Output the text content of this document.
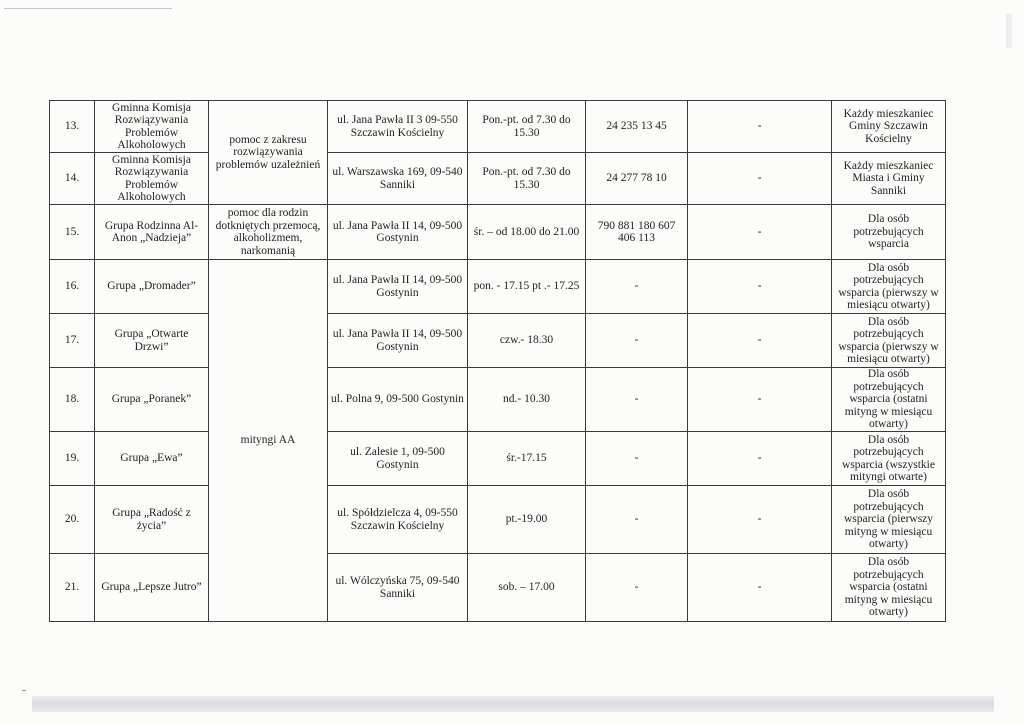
13.	Gminna Komisja Rozwiązywania Problemów Alkoholowych	pomoc z zakresu rozwiązywania problemów uzależnień	ul. Jana Pawła II 3 09-550 Szczawin Kościelny	Pon.-pt. od 7.30 do 15.30	24 235 13 45	-	Każdy mieszkaniec Gminy Szczawin Kościelny
14.	Gminna Komisja Rozwiązywania Problemów Alkoholowych		ul. Warszawska 169, 09-540 Sanniki	Pon.-pt. od 7.30 do 15.30	24 277 78 10	-	Każdy mieszkaniec Miasta i Gminy Sanniki
15.	Grupa Rodzinna Al-Anon „Nadzieja”	pomoc dla rodzin dotkniętych przemocą, alkoholizmem, narkomanią	ul. Jana Pawła II 14, 09-500 Gostynin	śr. – od 18.00 do 21.00	790 881 180 607 406 113	-	Dla osób potrzebujących wsparcia
16.	Grupa „Dromader”	mityngi AA	ul. Jana Pawła II 14, 09-500 Gostynin	pon. - 17.15 pt .- 17.25	-	-	Dla osób potrzebujących wsparcia (pierwszy w miesiącu otwarty)
17.	Grupa „Otwarte Drzwi”		ul. Jana Pawła II 14, 09-500 Gostynin	czw.- 18.30	-	-	Dla osób potrzebujących wsparcia (pierwszy w miesiącu otwarty)
18.	Grupa „Poranek”		ul. Polna 9, 09-500 Gostynin	nd.- 10.30	-	-	Dla osób potrzebujących wsparcia (ostatni mityng w miesiącu otwarty)
19.	Grupa „Ewa”		ul. Zalesie 1, 09-500 Gostynin	śr.-17.15	-	-	Dla osób potrzebujących wsparcia (wszystkie mityngi otwarte)
20.	Grupa „Radość z życia”		ul. Spółdzielcza 4, 09-550 Szczawin Kościelny	pt.-19.00	-	-	Dla osób potrzebujących wsparcia (pierwszy mityng w miesiącu otwarty)
21.	Grupa „Lepsze Jutro”		ul. Wólczyńska 75, 09-540 Sanniki	sob. – 17.00	-	-	Dla osób potrzebujących wsparcia (ostatni mityng w miesiącu otwarty)
